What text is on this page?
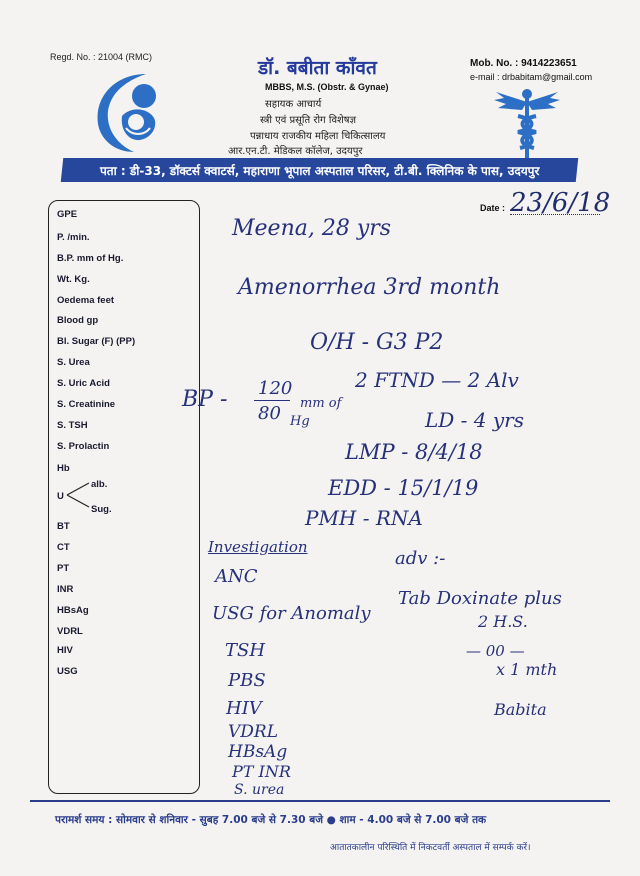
Regd. No. : 21004 (RMC)	डॉ. बबीता कॉंवत
MBBS, M.S. (Obstr. & Gynae)
सहायक आचार्य
स्त्री एवं प्रसूति रोग विशेषज्ञ
पन्नाधाय राजकीय महिला चिकित्सालय
आर.एन.टी. मेडिकल कॉलेज, उदयपुर
Mob. No. : 9414223651
e-mail : drbabitam@gmail.com
पता : डी-33, डॉक्टर्स क्वाटर्स, महाराणा भूपाल अस्पताल परिसर, टी.बी. क्लिनिक के पास, उदयपुर
Date : 23/6/18
GPE
P. /min.
B.P. mm of Hg.
Wt. Kg.
Oedema feet
Blood gp
Bl. Sugar (F) (PP)
S. Urea
S. Uric Acid
S. Creatinine
S. TSH
S. Prolactin
Hb
U
alb.
Sug.
BT
CT
PT
INR
HBsAg
VDRL
HIV
USG
Meena, 28 yrs
Amenorrhea 3rd month
O/H - G3 P2
BP - 120
80 mm of
Hg
2 FTND — 2 Alv
LD - 4 yrs
LMP - 8/4/18
EDD - 15/1/19
PMH - RNA
Investigation
ANC
USG for Anomaly
TSH
PBS
HIV
VDRL
HBsAg
PT INR
S. urea
adv :-
Tab Doxinate plus
2 H.S.
— 00 —
x 1 mth
Babita
परामर्श समय : सोमवार से शनिवार - सुबह 7.00 बजे से 7.30 बजे ● शाम - 4.00 बजे से 7.00 बजे तक
आतातकालीन परिस्थिति में निकटवर्ती अस्पताल में सम्पर्क करें।
